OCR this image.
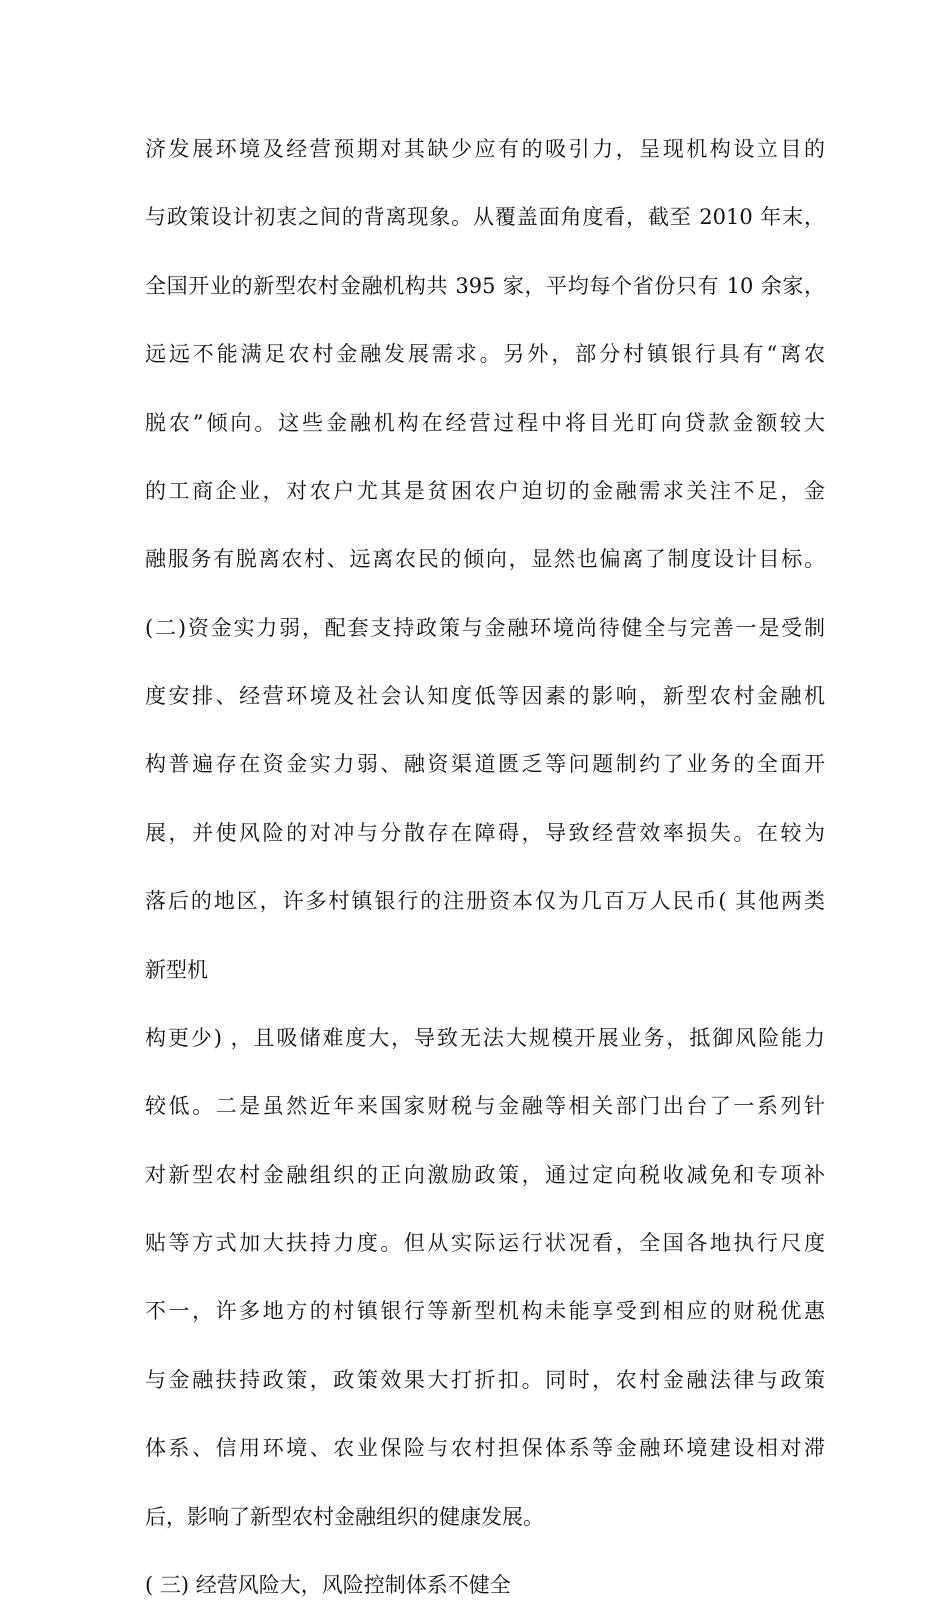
济发展环境及经营预期对其缺少应有的吸引力，呈现机构设立目的

与政策设计初衷之间的背离现象。从覆盖面角度看，截至 2010 年末，

全国开业的新型农村金融机构共 395 家，平均每个省份只有 10 余家，

远远不能满足农村金融发展需求。另外，部分村镇银行具有“离农

脱农”倾向。这些金融机构在经营过程中将目光盯向贷款金额较大

的工商企业，对农户尤其是贫困农户迫切的金融需求关注不足，金

融服务有脱离农村、远离农民的倾向，显然也偏离了制度设计目标。

(二)资金实力弱，配套支持政策与金融环境尚待健全与完善一是受制

度安排、经营环境及社会认知度低等因素的影响，新型农村金融机

构普遍存在资金实力弱、融资渠道匮乏等问题制约了业务的全面开

展，并使风险的对冲与分散存在障碍，导致经营效率损失。在较为

落后的地区，许多村镇银行的注册资本仅为几百万人民币( 其他两类

新型机

构更少) ，且吸储难度大，导致无法大规模开展业务，抵御风险能力

较低。二是虽然近年来国家财税与金融等相关部门出台了一系列针

对新型农村金融组织的正向激励政策，通过定向税收减免和专项补

贴等方式加大扶持力度。但从实际运行状况看，全国各地执行尺度

不一，许多地方的村镇银行等新型机构未能享受到相应的财税优惠

与金融扶持政策，政策效果大打折扣。同时，农村金融法律与政策

体系、信用环境、农业保险与农村担保体系等金融环境建设相对滞

后，影响了新型农村金融组织的健康发展。

( 三) 经营风险大，风险控制体系不健全
